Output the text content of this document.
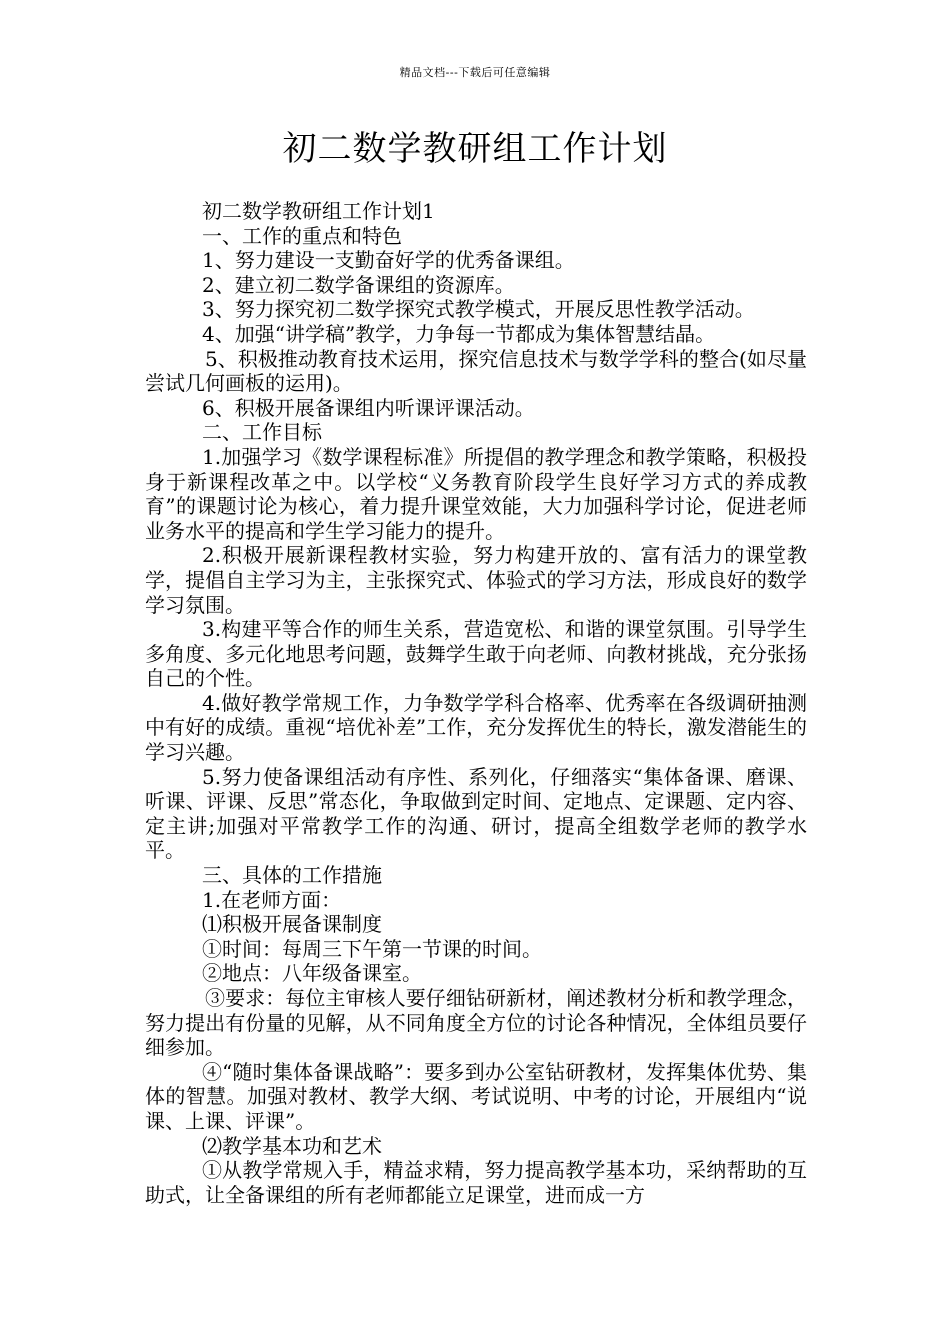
精品文档---下载后可任意编辑
初二数学教研组工作计划

初二数学教研组工作计划1

一、工作的重点和特色

1、努力建设一支勤奋好学的优秀备课组。

2、建立初二数学备课组的资源库。

3、努力探究初二数学探究式教学模式，开展反思性教学活动。

4、加强“讲学稿”教学，力争每一节都成为集体智慧结晶。

5、积极推动教育技术运用，探究信息技术与数学学科的整合(如尽量尝试几何画板的运用)。

6、积极开展备课组内听课评课活动。

二、工作目标

1.加强学习《数学课程标准》所提倡的教学理念和教学策略，积极投身于新课程改革之中。以学校“义务教育阶段学生良好学习方式的养成教育”的课题讨论为核心，着力提升课堂效能，大力加强科学讨论，促进老师业务水平的提高和学生学习能力的提升。

2.积极开展新课程教材实验，努力构建开放的、富有活力的课堂教学，提倡自主学习为主，主张探究式、体验式的学习方法，形成良好的数学学习氛围。

3.构建平等合作的师生关系，营造宽松、和谐的课堂氛围。引导学生多角度、多元化地思考问题，鼓舞学生敢于向老师、向教材挑战，充分张扬自己的个性。

4.做好教学常规工作，力争数学学科合格率、优秀率在各级调研抽测中有好的成绩。重视“培优补差”工作，充分发挥优生的特长，激发潜能生的学习兴趣。

5.努力使备课组活动有序性、系列化，仔细落实“集体备课、磨课、听课、评课、反思”常态化，争取做到定时间、定地点、定课题、定内容、定主讲;加强对平常教学工作的沟通、研讨，提高全组数学老师的教学水平。

三、具体的工作措施

1.在老师方面：

⑴积极开展备课制度

①时间：每周三下午第一节课的时间。

②地点：八年级备课室。

③要求：每位主审核人要仔细钻研新材，阐述教材分析和教学理念，努力提出有份量的见解，从不同角度全方位的讨论各种情况，全体组员要仔细参加。

④“随时集体备课战略”：要多到办公室钻研教材，发挥集体优势、集体的智慧。加强对教材、教学大纲、考试说明、中考的讨论，开展组内“说课、上课、评课”。

⑵教学基本功和艺术

①从教学常规入手，精益求精，努力提高教学基本功，采纳帮助的互助式，让全备课组的所有老师都能立足课堂，进而成一方
